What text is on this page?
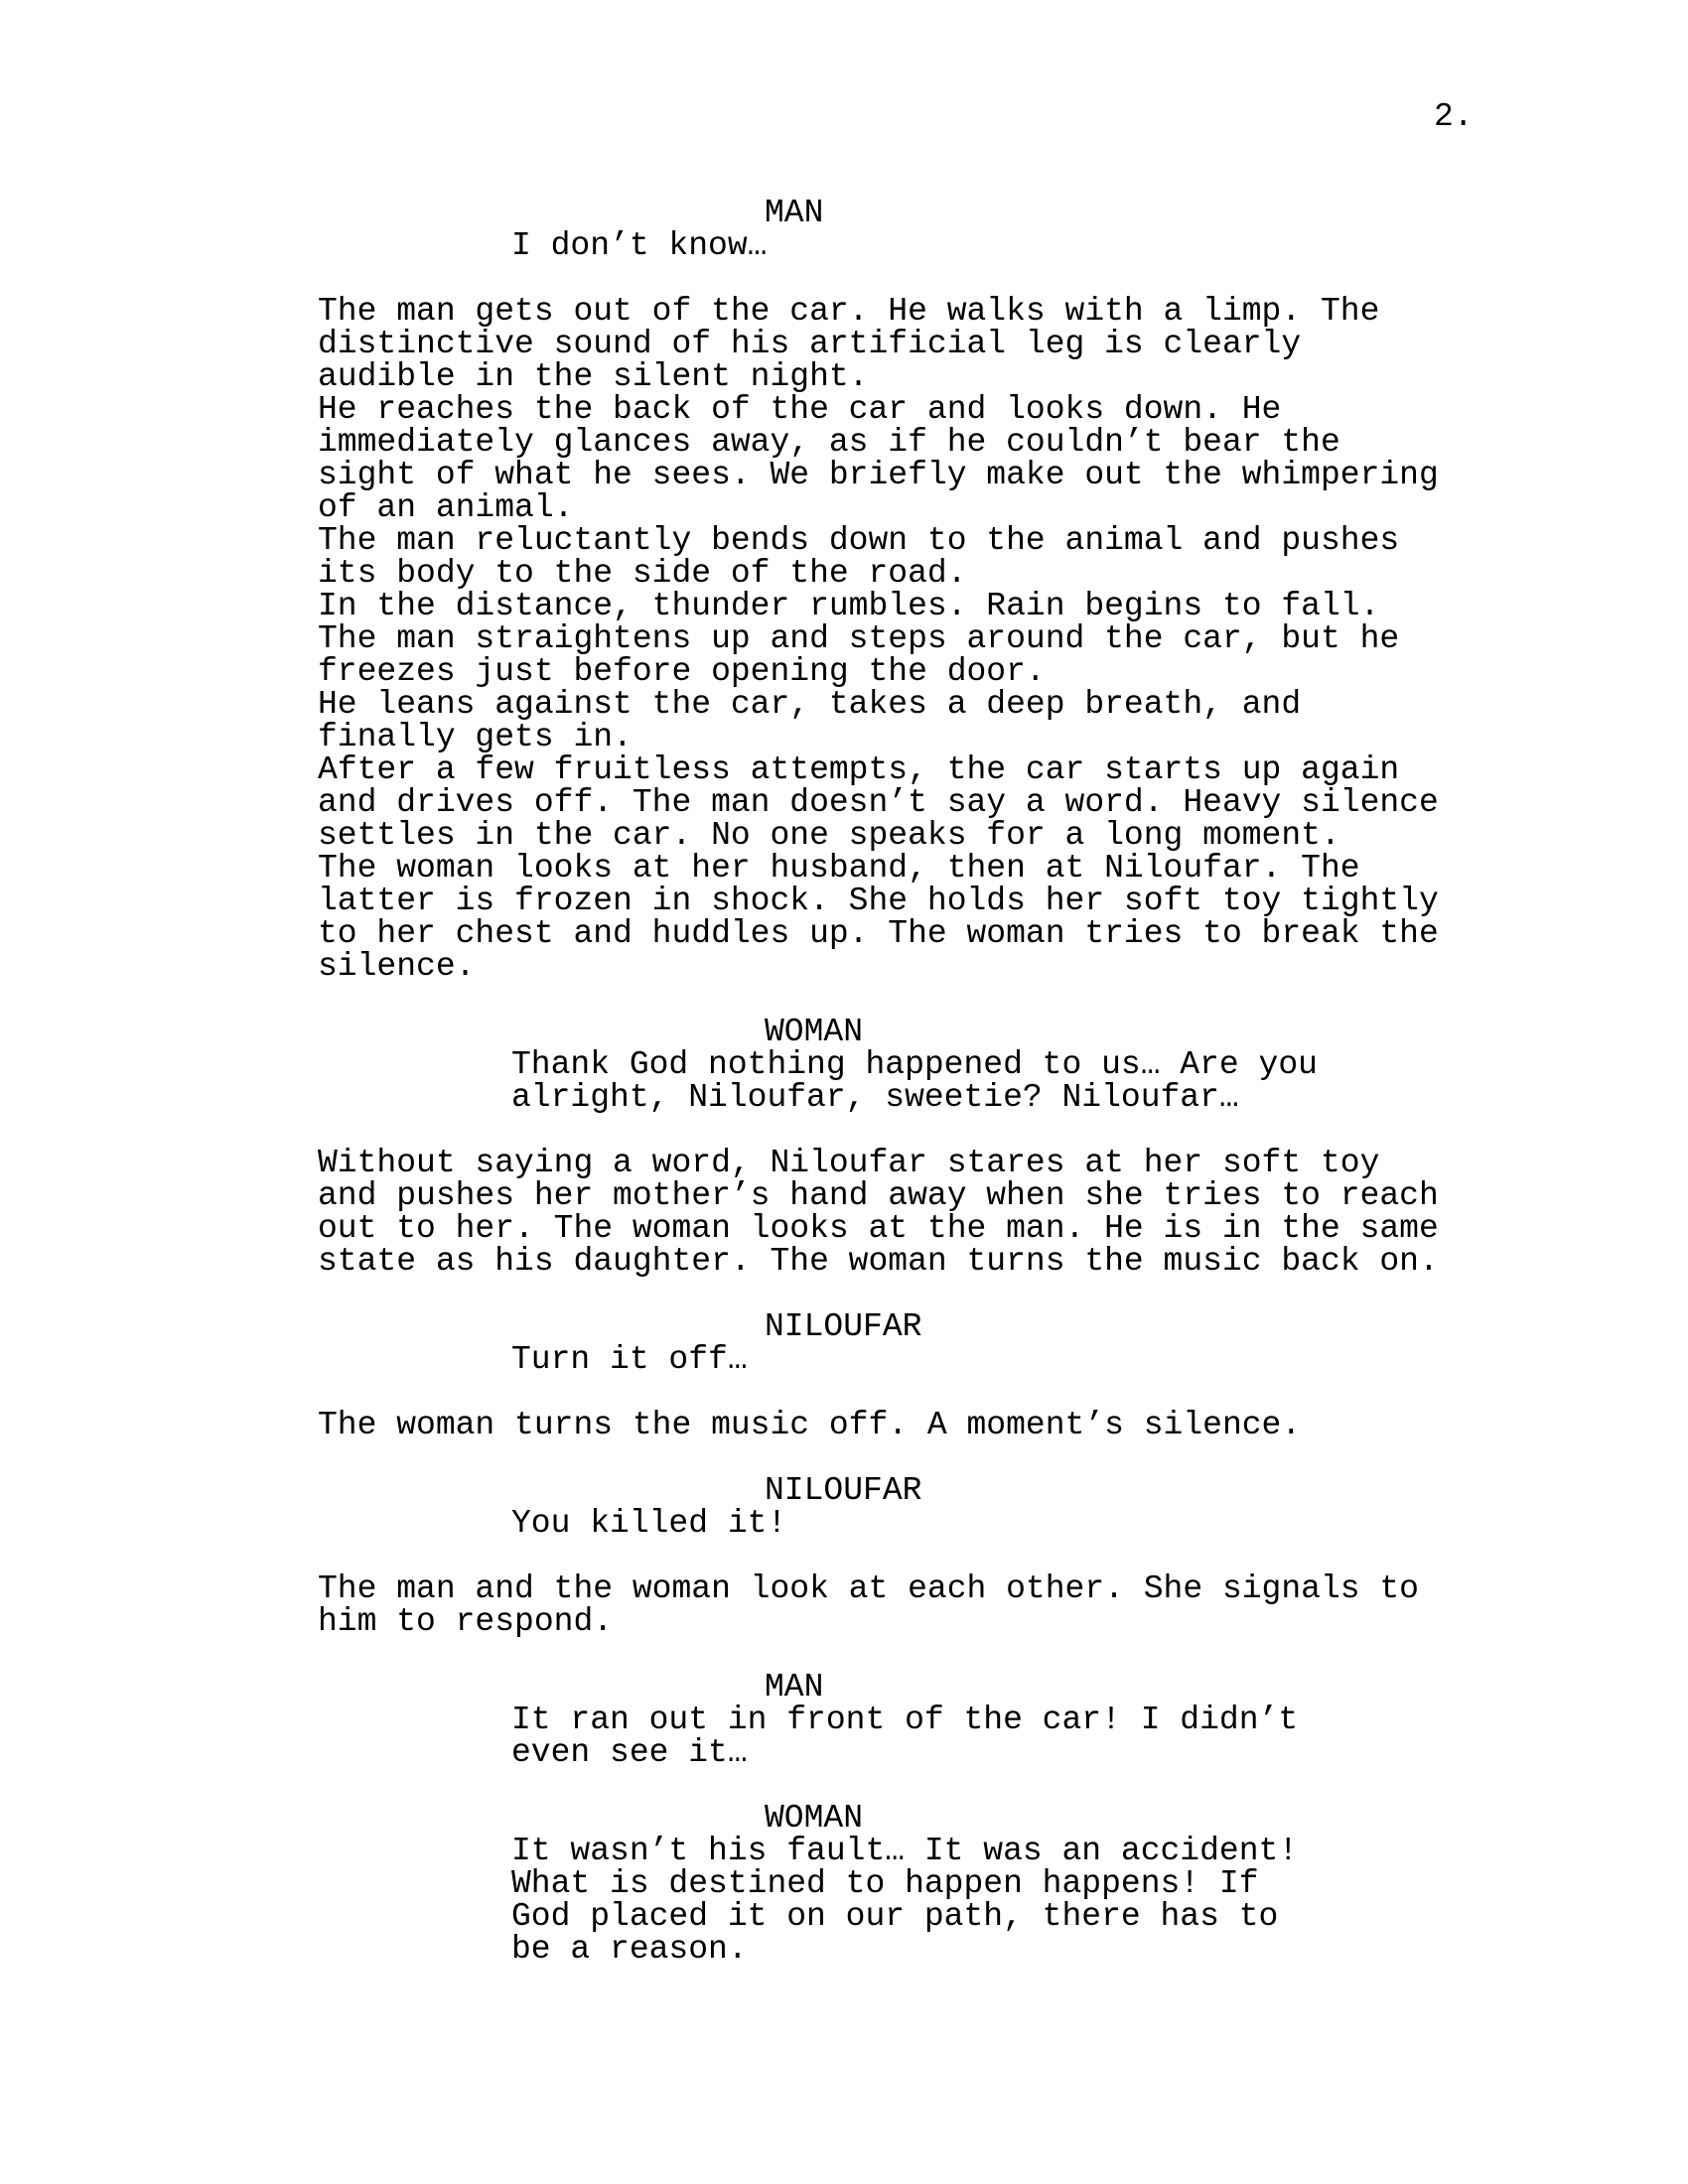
2.
MAN
I don’t know…
The man gets out of the car. He walks with a limp. The
distinctive sound of his artificial leg is clearly
audible in the silent night.
He reaches the back of the car and looks down. He
immediately glances away, as if he couldn’t bear the
sight of what he sees. We briefly make out the whimpering
of an animal.
The man reluctantly bends down to the animal and pushes
its body to the side of the road.
In the distance, thunder rumbles. Rain begins to fall.
The man straightens up and steps around the car, but he
freezes just before opening the door.
He leans against the car, takes a deep breath, and
finally gets in.
After a few fruitless attempts, the car starts up again
and drives off. The man doesn’t say a word. Heavy silence
settles in the car. No one speaks for a long moment.
The woman looks at her husband, then at Niloufar. The
latter is frozen in shock. She holds her soft toy tightly
to her chest and huddles up. The woman tries to break the
silence.
WOMAN
Thank God nothing happened to us… Are you
alright, Niloufar, sweetie? Niloufar…
Without saying a word, Niloufar stares at her soft toy
and pushes her mother’s hand away when she tries to reach
out to her. The woman looks at the man. He is in the same
state as his daughter. The woman turns the music back on.
NILOUFAR
Turn it off…
The woman turns the music off. A moment’s silence.
NILOUFAR
You killed it!
The man and the woman look at each other. She signals to
him to respond.
MAN
It ran out in front of the car! I didn’t
even see it…
WOMAN
It wasn’t his fault… It was an accident!
What is destined to happen happens! If
God placed it on our path, there has to
be a reason.
